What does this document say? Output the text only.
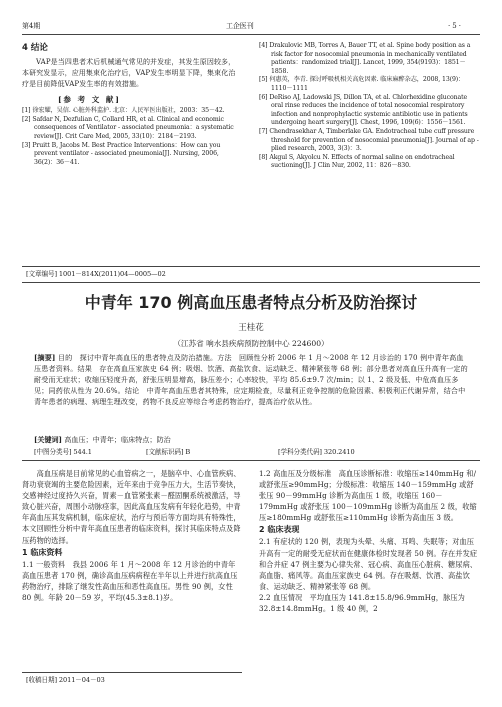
第4期	工企医刊	· 5 ·
4 结论

VAP是当四患者术后机械通气常见的并发症，其发生原因较多，本研究发显示，应用集束化治疗后，VAP发生率明显下降，集束化治疗是目前降低VAP发生率的有效措施。

[参 考 文 献]

[1] 徐宏耀，吴信. 心脏外科监护. 北京：人民军医出版社，2003：35－42.

[2] Safdar N, Dezfulian C, Collard HR, et al. Clinical and economic consequences of Ventilator - associated pneumonia：a systematic review[J]. Crit Care Med, 2005, 33(10)：2184－2193.

[3] Pruitt B, Jacobs M. Best Practice Interventions：How can you prevent ventilator - associated pneumonia[J]. Nursing, 2006, 36(2)：36－41.

[4] Drakulovic MB, Torres A, Bauer TT, et al. Spine body position as a risk factor for nosocomial pneumonia in mechanically ventilated patients：randomized trial[J]. Lancet, 1999, 354(9193)：1851－1858.

[5] 何惠英，李青. 探讨呼吸机相关高危因素. 临床麻醉杂志，2008, 13(9)：1110－1111

[6] DeRiso AJ, Ladowski JS, Dillon TA, et al. Chlorhexidine gluconate oral rinse reduces the incidence of total nosocomial respiratory infection and nonprophylactic systemic antibiotic use in patients undergoing heart surgery[J]. Chest, 1996, 109(6)：1556－1561.

[7] Chendrasekhar A, Timberlake GA. Endotracheal tube cuff pressure threshold for prevention of nosocomial pneumonia[J]. Journal of ap - plied research, 2003, 3(3)：3.

[8] Akgul S, Akyolcu N. Effects of normal saline on endotracheal suctioning[J]. J Clin Nur, 2002, 11：826－830.

[文章编号] 1001－814X(2011)04—0005—02
中青年 170 例高血压患者特点分析及防治探讨
王桂花
（江苏省 响水县疾病预防控制中心 224600）
[摘要] 目的　探讨中青年高血压的患者特点及防治措施。方法　回顾性分析 2006 年 1 月～2008 年 12 月诊治的 170 例中青年高血压患者资料。结果　存在高血压家族史 64 例；吸烟、饮酒、高盐饮食、运动缺乏、精神紧张等 68 例；部分患者对高血压升高有一定的耐受而无症状；收缩压轻度升高，舒张压明显增高，脉压差小；心率较快，平均 85.6±9.7 次/min；以 1、2 级及低、中危高血压多见；同药依从性为 20.6%。结论　中青年高血压患者其特殊，应定期检查，尽量利正竞争控制的危险因素、积极利正代谢异常，结合中青年患者的病理、病理生理改变，药物不良反应等综合考虑药物治疗，提高治疗依从性。
[关键词] 高血压；中青年；临床特点；防治
[中图分类号] 544.1	[文献标识码] B	[学科分类代码] 320.2410

　　高血压病是目前常见的心血管病之一，是脑卒中、心血管疾病、肾功衰衰竭的主要危险因素，近年来由于竞争压力大，生活节奏快，交感神经过度持久兴奋，胃素－血管紧张素－醛固酮系统被激活，导致心脏兴奋，周围小动脉痉挛，因此高血压发病有年轻化趋势，中青年高血压其发病机制，临床症状，治疗与预后等方面均具有特殊性，本文回顾性分析中青年高血压患者的临床资料，探讨其临床特点及降压药物的选择。

1 临床资料

1.1 一般资料　 我县 2006 年 1 月～2008 年 12 月诊治的中青年高血压患者 170 例，确诊高血压病病程在半年以上并进行抗高血压药物治疗，排除了继发性高血压和恶性高血压。男性 90 例，女性 80 例。年龄 20－59 岁，平均(45.3±8.1)岁。

[收稿日期] 2011－04－03

1.2 高血压及分级标准　高血压诊断标准：收缩压≥140mmHg 和/或舒张压≥90mmHg；分级标准：收缩压 140－159mmHg 或舒张压 90－99mmHg 诊断为高血压 1 级，收缩压 160－179mmHg 或舒张压 100－109mmHg 诊断为高血压 2 级，收缩压≥180mmHg 或舒张压≥110mmHg 诊断为高血压 3 级。

2 临床表现

2.1 有症状的 120 例，表现为头晕、头痛、耳鸣、失眠等；对血压升高有一定的耐受无症状而在健康体检时发现者 50 例。存在并发症和合并症 47 例主要为心律失常、冠心病、高血压心脏病、糖尿病、高血脂、痛风等。高血压家族史 64 例。存在吸烟、饮酒、高盐饮食、运动缺乏、精神紧张等 68 例。

2.2 血压情况　平均血压为 141.8±15.8/96.9mmHg，脉压为 32.8±14.8mmHg。1 级 40 例，2
